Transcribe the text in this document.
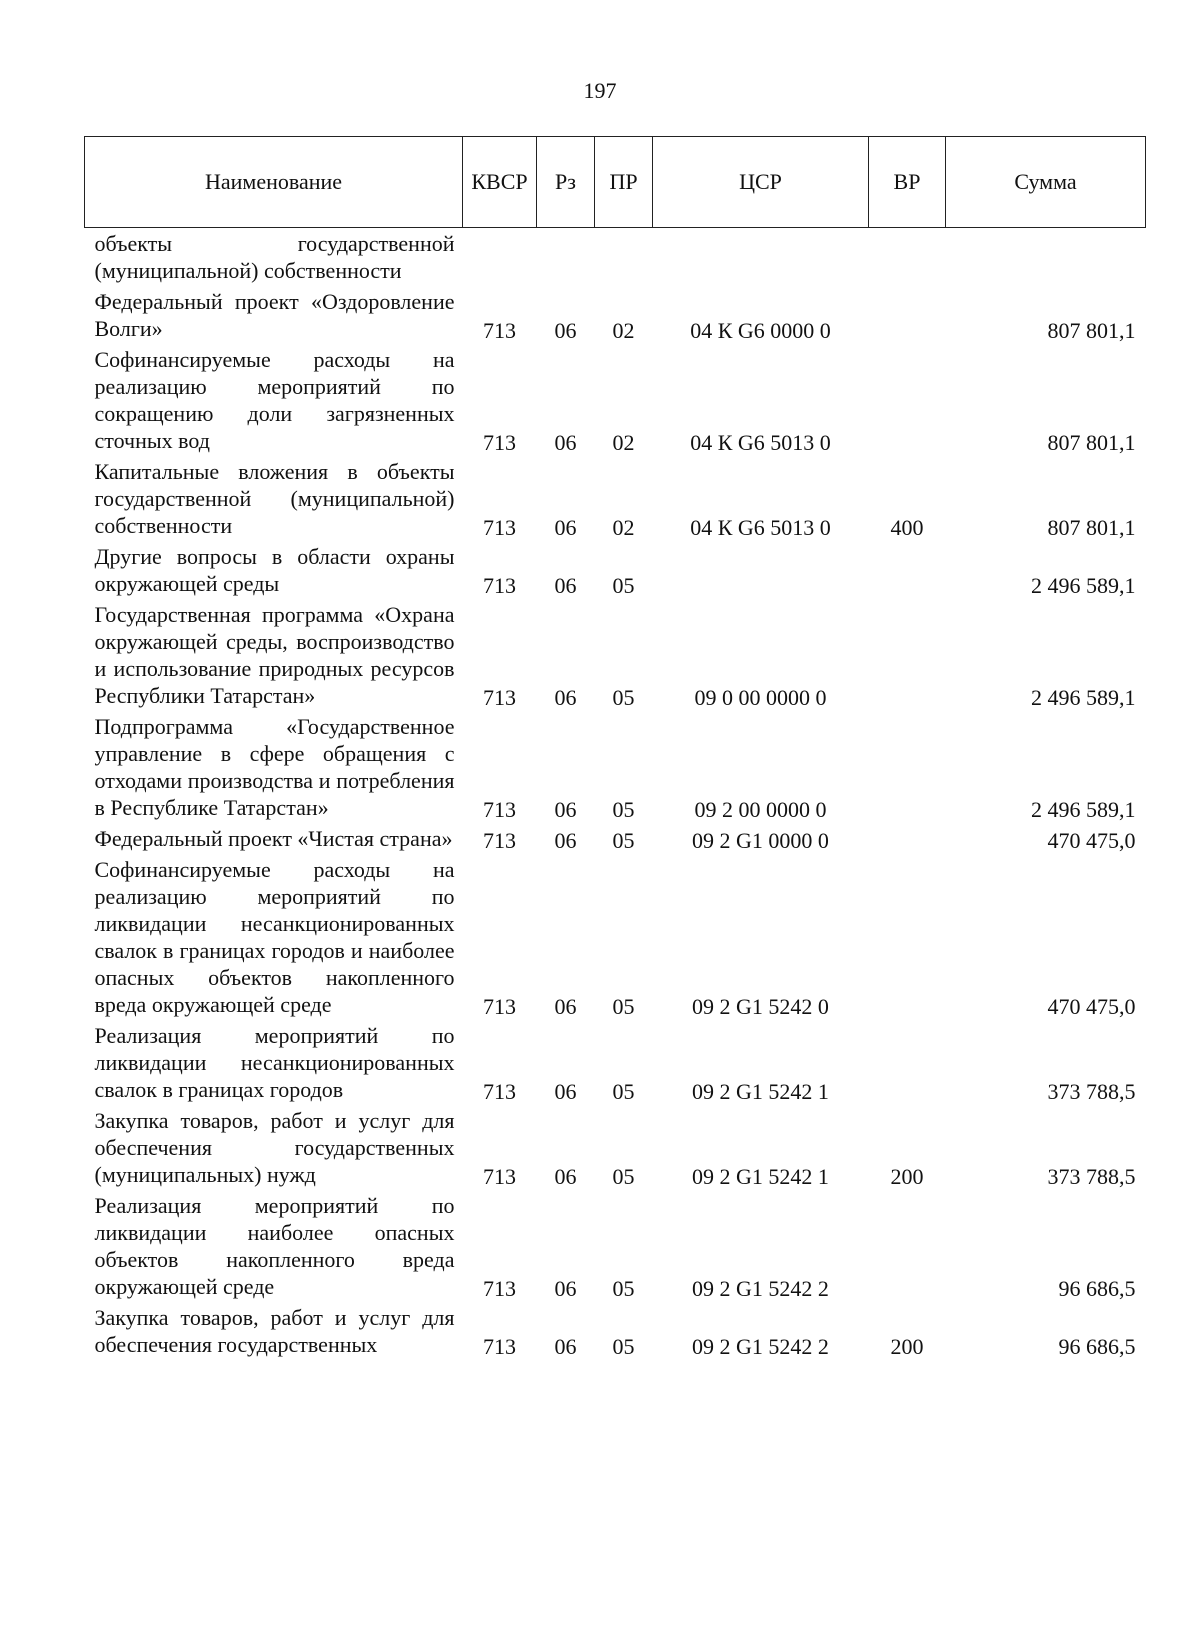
197
Наименование	КВСР	Рз	ПР	ЦСР	ВР	Сумма
объекты государственной (муниципальной) собственности						
Федеральный проект «Оздоровление Волги»	713	06	02	04 К G6 0000 0		807 801,1
Софинансируемые расходы на реализацию мероприятий по сокращению доли загрязненных сточных вод	713	06	02	04 К G6 5013 0		807 801,1
Капитальные вложения в объекты государственной (муниципальной) собственности	713	06	02	04 К G6 5013 0	400	807 801,1
Другие вопросы в области охраны окружающей среды	713	06	05			2 496 589,1
Государственная программа «Охрана окружающей среды, воспроизводство и использование природных ресурсов Республики Татарстан»	713	06	05	09 0 00 0000 0		2 496 589,1
Подпрограмма «Государственное управление в сфере обращения с отходами производства и потребления в Республике Татарстан»	713	06	05	09 2 00 0000 0		2 496 589,1
Федеральный проект «Чистая страна»	713	06	05	09 2 G1 0000 0		470 475,0
Софинансируемые расходы на реализацию мероприятий по ликвидации несанкционированных свалок в границах городов и наиболее опасных объектов накопленного вреда окружающей среде	713	06	05	09 2 G1 5242 0		470 475,0
Реализация мероприятий по ликвидации несанкционированных свалок в границах городов	713	06	05	09 2 G1 5242 1		373 788,5
Закупка товаров, работ и услуг для обеспечения государственных (муниципальных) нужд	713	06	05	09 2 G1 5242 1	200	373 788,5
Реализация мероприятий по ликвидации наиболее опасных объектов накопленного вреда окружающей среде	713	06	05	09 2 G1 5242 2		96 686,5
Закупка товаров, работ и услуг для обеспечения государственных	713	06	05	09 2 G1 5242 2	200	96 686,5
